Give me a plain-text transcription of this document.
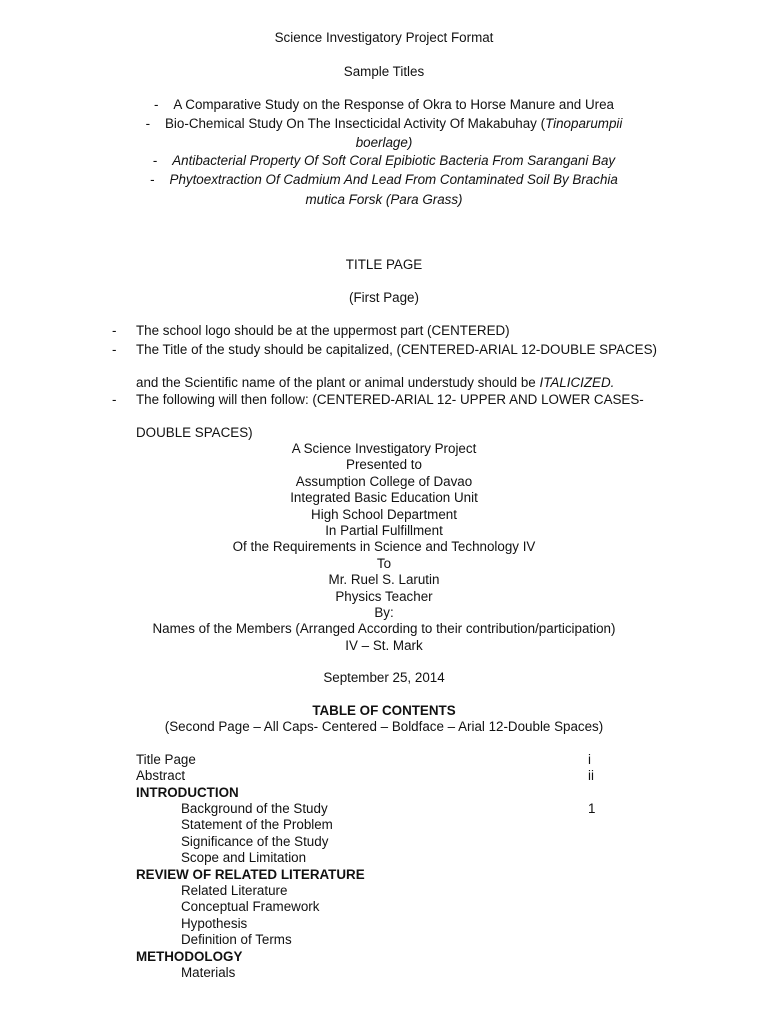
Science Investigatory Project Format
Sample Titles
- A Comparative Study on the Response of Okra to Horse Manure and Urea
- Bio-Chemical Study On The Insecticidal Activity Of Makabuhay (Tinoparumpii
boerlage)
- Antibacterial Property Of Soft Coral Epibiotic Bacteria From Sarangani Bay
- Phytoextraction Of Cadmium And Lead From Contaminated Soil By Brachia
mutica Forsk (Para Grass)
TITLE PAGE
(First Page)
- The school logo should be at the uppermost part (CENTERED)
- The Title of the study should be capitalized, (CENTERED-ARIAL 12-DOUBLE SPACES)
and the Scientific name of the plant or animal understudy should be ITALICIZED.
- The following will then follow: (CENTERED-ARIAL 12- UPPER AND LOWER CASES-
DOUBLE SPACES)
A Science Investigatory Project
Presented to
Assumption College of Davao
Integrated Basic Education Unit
High School Department
In Partial Fulfillment
Of the Requirements in Science and Technology IV
To
Mr. Ruel S. Larutin
Physics Teacher
By:
Names of the Members (Arranged According to their contribution/participation)
IV – St. Mark
September 25, 2014
TABLE OF CONTENTS
(Second Page – All Caps- Centered – Boldface – Arial 12-Double Spaces)
Title Page	i
Abstract	ii
INTRODUCTION
Background of the Study	1
Statement of the Problem
Significance of the Study
Scope and Limitation
REVIEW OF RELATED LITERATURE
Related Literature
Conceptual Framework
Hypothesis
Definition of Terms
METHODOLOGY
Materials
